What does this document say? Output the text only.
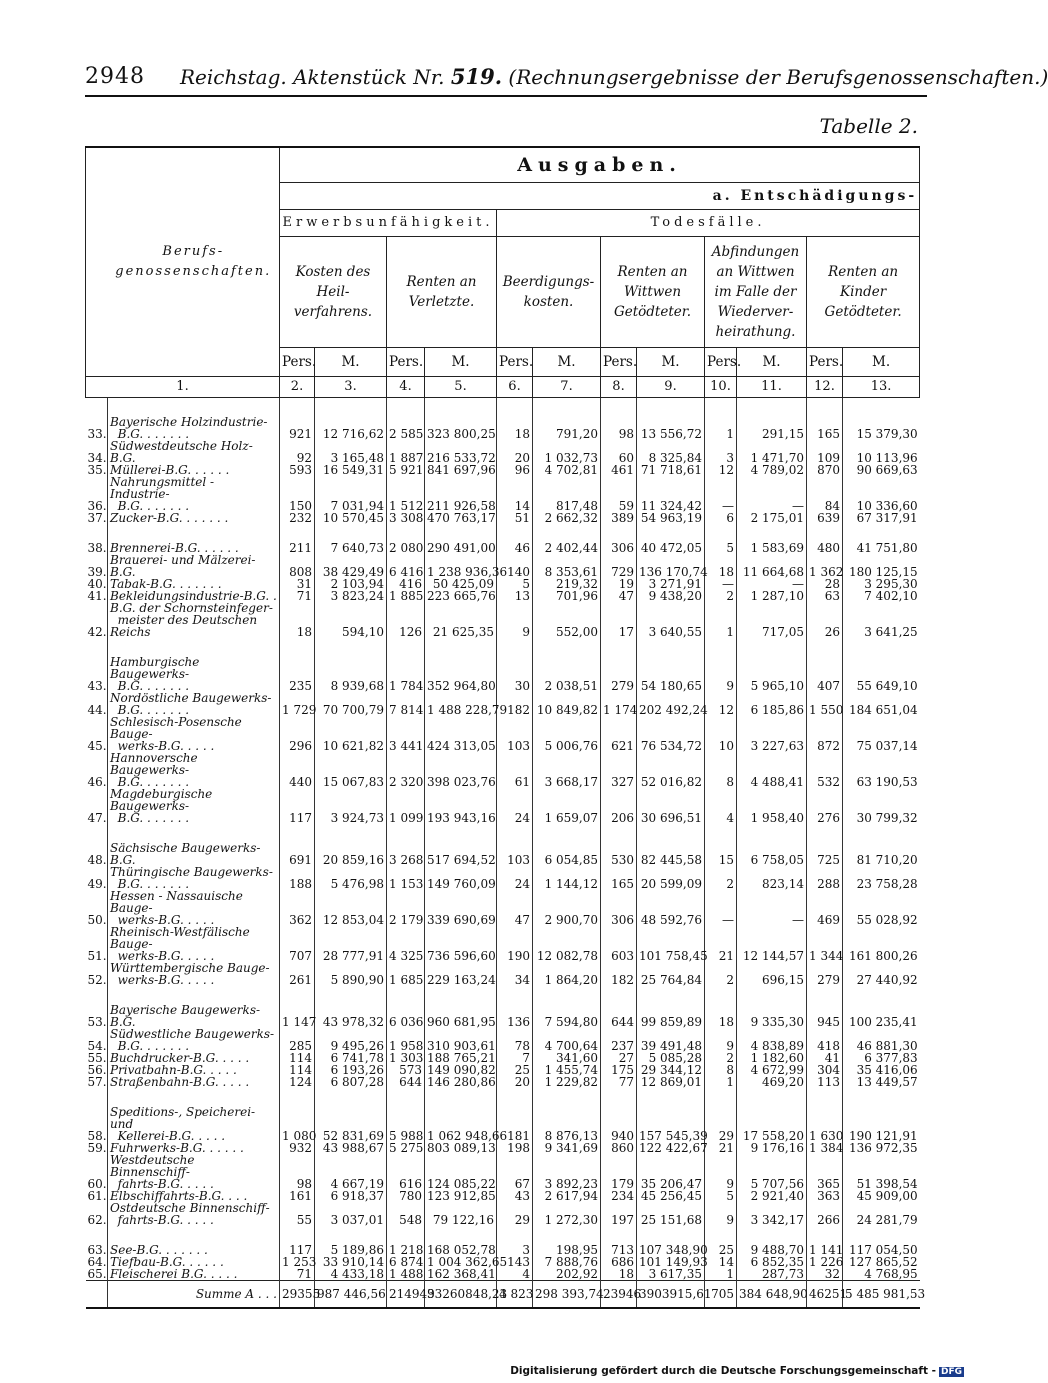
2948 Reichstag. Aktenstück Nr. 519. (Rechnungsergebnisse der Berufsgenossenschaften.)
Tabelle 2.
	Berufs-genossenschaften.	Ausgaben.											
		a. Entschädigungs-											
		Erwerbsunfähigkeit.				Todesfälle.							
		Kosten des Heil-verfahrens.		Renten an Verletzte.		Beerdigungs-kosten.		Renten an Wittwen Getödteter.		Abfindungen an Wittwen im Falle der Wiederver-heirathung.		Renten an Kinder Getödteter.	
		Pers.	M.	Pers.	M.	Pers.	M.	Pers.	M.	Pers.	M.	Pers.	M.
1.		2.	3.	4.	5.	6.	7.	8.	9.	10.	11.	12.	13.

33.	Bayerische Holzindustrie-
B.G. . . . . . .	921	12 716,62	2 585	323 800,25	18	791,20	98	13 556,72	1	291,15	165	15 379,30
34.	Südwestdeutsche Holz-B.G.	92	3 165,48	1 887	216 533,72	20	1 032,73	60	8 325,84	3	1 471,70	109	10 113,96
35.	Müllerei-B.G. . . . . .	593	16 549,31	5 921	841 697,96	96	4 702,81	461	71 718,61	12	4 789,02	870	90 669,63
36.	Nahrungsmittel - Industrie-
B.G. . . . . . .	150	7 031,94	1 512	211 926,58	14	817,48	59	11 324,42	—	—	84	10 336,60
37.	Zucker-B.G. . . . . . .	232	10 570,45	3 308	470 763,17	51	2 662,32	389	54 963,19	6	2 175,01	639	67 317,91

38.	Brennerei-B.G. . . . . .	211	7 640,73	2 080	290 491,00	46	2 402,44	306	40 472,05	5	1 583,69	480	41 751,80
39.	Brauerei- und Mälzerei-B.G.	808	38 429,49	6 416	1 238 936,36	140	8 353,61	729	136 170,74	18	11 664,68	1 362	180 125,15
40.	Tabak-B.G. . . . . . .	31	2 103,94	416	50 425,09	5	219,32	19	3 271,91	—	—	28	3 295,30
41.	Bekleidungsindustrie-B.G. .	71	3 823,24	1 885	223 665,76	13	701,96	47	9 438,20	2	1 287,10	63	7 402,10
42.	B.G. der Schornsteinfeger-
meister des Deutschen Reichs	18	594,10	126	21 625,35	9	552,00	17	3 640,55	1	717,05	26	3 641,25

43.	Hamburgische Baugewerks-
B.G. . . . . . .	235	8 939,68	1 784	352 964,80	30	2 038,51	279	54 180,65	9	5 965,10	407	55 649,10
44.	Nordöstliche Baugewerks-
B.G. . . . . . .	1 729	70 700,79	7 814	1 488 228,79	182	10 849,82	1 174	202 492,24	12	6 185,86	1 550	184 651,04
45.	Schlesisch-Posensche Bauge-
werks-B.G. . . . .	296	10 621,82	3 441	424 313,05	103	5 006,76	621	76 534,72	10	3 227,63	872	75 037,14
46.	Hannoversche Baugewerks-
B.G. . . . . . .	440	15 067,83	2 320	398 023,76	61	3 668,17	327	52 016,82	8	4 488,41	532	63 190,53
47.	Magdeburgische Baugewerks-
B.G. . . . . . .	117	3 924,73	1 099	193 943,16	24	1 659,07	206	30 696,51	4	1 958,40	276	30 799,32

48.	Sächsische Baugewerks-B.G.	691	20 859,16	3 268	517 694,52	103	6 054,85	530	82 445,58	15	6 758,05	725	81 710,20
49.	Thüringische Baugewerks-
B.G. . . . . . .	188	5 476,98	1 153	149 760,09	24	1 144,12	165	20 599,09	2	823,14	288	23 758,28
50.	Hessen - Nassauische Bauge-
werks-B.G. . . . .	362	12 853,04	2 179	339 690,69	47	2 900,70	306	48 592,76	—	—	469	55 028,92
51.	Rheinisch-Westfälische Bauge-
werks-B.G. . . . .	707	28 777,91	4 325	736 596,60	190	12 082,78	603	101 758,45	21	12 144,57	1 344	161 800,26
52.	Württembergische Bauge-
werks-B.G. . . . .	261	5 890,90	1 685	229 163,24	34	1 864,20	182	25 764,84	2	696,15	279	27 440,92

53.	Bayerische Baugewerks-B.G.	1 147	43 978,32	6 036	960 681,95	136	7 594,80	644	99 859,89	18	9 335,30	945	100 235,41
54.	Südwestliche Baugewerks-
B.G. . . . . . .	285	9 495,26	1 958	310 903,61	78	4 700,64	237	39 491,48	9	4 838,89	418	46 881,30
55.	Buchdrucker-B.G. . . . .	114	6 741,78	1 303	188 765,21	7	341,60	27	5 085,28	2	1 182,60	41	6 377,83
56.	Privatbahn-B.G. . . . .	114	6 193,26	573	149 090,82	25	1 455,74	175	29 344,12	8	4 672,99	304	35 416,06
57.	Straßenbahn-B.G. . . . .	124	6 807,28	644	146 280,86	20	1 229,82	77	12 869,01	1	469,20	113	13 449,57

58.	Speditions-, Speicherei- und
Kellerei-B.G. . . . .	1 080	52 831,69	5 988	1 062 948,66	181	8 876,13	940	157 545,39	29	17 558,20	1 630	190 121,91
59.	Fuhrwerks-B.G. . . . . .	932	43 988,67	5 275	803 089,13	198	9 341,69	860	122 422,67	21	9 176,16	1 384	136 972,35
60.	Westdeutsche Binnenschiff-
fahrts-B.G. . . . .	98	4 667,19	616	124 085,22	67	3 892,23	179	35 206,47	9	5 707,56	365	51 398,54
61.	Elbschiffahrts-B.G. . . .	161	6 918,37	780	123 912,85	43	2 617,94	234	45 256,45	5	2 921,40	363	45 909,00
62.	Ostdeutsche Binnenschiff-
fahrts-B.G. . . . .	55	3 037,01	548	79 122,16	29	1 272,30	197	25 151,68	9	3 342,17	266	24 281,79

63.	See-B.G. . . . . . .	117	5 189,86	1 218	168 052,78	3	198,95	713	107 348,90	25	9 488,70	1 141	117 054,50
64.	Tiefbau-B.G. . . . . .	1 253	33 910,14	6 874	1 004 362,65	143	7 888,76	686	101 149,93	14	6 852,35	1 226	127 865,52
65.	Fleischerei B.G. . . . .	71	4 433,18	1 488	162 368,41	4	202,92	18	3 617,35	1	287,73	32	4 768,95
	Summe A . . .	29355	987 446,56	214949	33260848,23	4 823	298 393,74	23946	3903915,61	705	384 648,90	46251	5 485 981,53
Digitalisierung gefördert durch die Deutsche Forschungsgemeinschaft - DFG
